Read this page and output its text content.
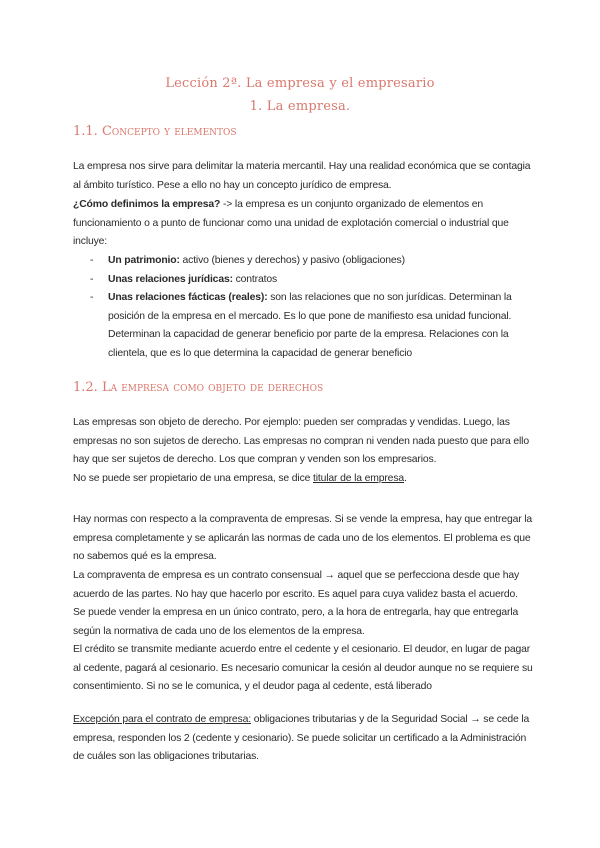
Lección 2ª. La empresa y el empresario
1. La empresa.
1.1. Concepto y elementos

La empresa nos sirve para delimitar la materia mercantil. Hay una realidad económica que se contagia al ámbito turístico. Pese a ello no hay un concepto jurídico de empresa.

¿Cómo definimos la empresa? -> la empresa es un conjunto organizado de elementos en funcionamiento o a punto de funcionar como una unidad de explotación comercial o industrial que incluye:

- Un patrimonio: activo (bienes y derechos) y pasivo (obligaciones)
- Unas relaciones jurídicas: contratos
- Unas relaciones fácticas (reales): son las relaciones que no son jurídicas. Determinan la posición de la empresa en el mercado. Es lo que pone de manifiesto esa unidad funcional. Determinan la capacidad de generar beneficio por parte de la empresa. Relaciones con la clientela, que es lo que determina la capacidad de generar beneficio
1.2. La empresa como objeto de derechos

Las empresas son objeto de derecho. Por ejemplo: pueden ser compradas y vendidas. Luego, las empresas no son sujetos de derecho. Las empresas no compran ni venden nada puesto que para ello hay que ser sujetos de derecho. Los que compran y venden son los empresarios.

No se puede ser propietario de una empresa, se dice titular de la empresa.

Hay normas con respecto a la compraventa de empresas. Si se vende la empresa, hay que entregar la empresa completamente y se aplicarán las normas de cada uno de los elementos. El problema es que no sabemos qué es la empresa.

La compraventa de empresa es un contrato consensual → aquel que se perfecciona desde que hay acuerdo de las partes. No hay que hacerlo por escrito. Es aquel para cuya validez basta el acuerdo.

Se puede vender la empresa en un único contrato, pero, a la hora de entregarla, hay que entregarla según la normativa de cada uno de los elementos de la empresa.

El crédito se transmite mediante acuerdo entre el cedente y el cesionario. El deudor, en lugar de pagar al cedente, pagará al cesionario. Es necesario comunicar la cesión al deudor aunque no se requiere su consentimiento. Si no se le comunica, y el deudor paga al cedente, está liberado

Excepción para el contrato de empresa: obligaciones tributarias y de la Seguridad Social → se cede la empresa, responden los 2 (cedente y cesionario). Se puede solicitar un certificado a la Administración de cuáles son las obligaciones tributarias.
